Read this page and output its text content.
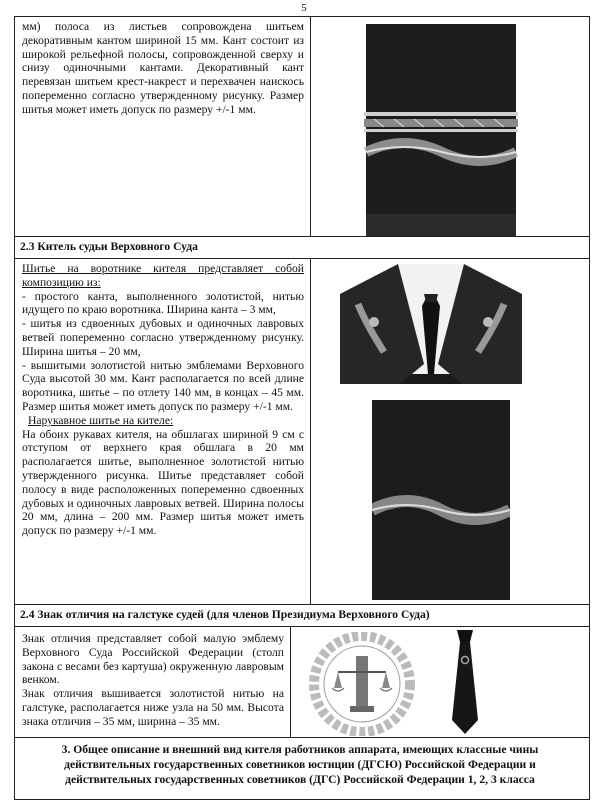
5
мм) полоса из листьев сопровождена шитьем декоративным кантом шириной 15 мм. Кант состоит из широкой рельефной полосы, сопровожденной сверху и снизу одиночными кантами. Декоративный кант перевязан шитьем крест-накрест и перехвачен наискось попеременно согласно утвержденному рисунку. Размер шитья может иметь допуск по размеру +/-1 мм.
2.3 Китель судьи Верховного Суда

Шитье на воротнике кителя представляет собой композицию из:

- простого канта, выполненного золотистой, нитью идущего по краю воротника. Ширина канта – 3 мм,

- шитья из сдвоенных дубовых и одиночных лавровых ветвей попеременно согласно утвержденному рисунку. Ширина шитья – 20 мм,

- вышитыми золотистой нитью эмблемами Верховного Суда высотой 30 мм. Кант располагается по всей длине воротника, шитье – по отлету 140 мм, в концах – 45 мм. Размер шитья может иметь допуск по размеру +/-1 мм.

Нарукавное шитье на кителе:

На обоих рукавах кителя, на обшлагах шириной 9 см с отступом от верхнего края обшлага в 20 мм располагается шитье, выполненное золотистой нитью утвержденного рисунка. Шитье представляет собой полосу в виде расположенных попеременно сдвоенных дубовых и одиночных лавровых ветвей. Ширина полосы 20 мм, длина – 200 мм. Размер шитья может иметь допуск по размеру +/-1 мм.

2.4 Знак отличия на галстуке судей (для членов Президиума Верховного Суда)

Знак отличия представляет собой малую эмблему Верховного Суда Российской Федерации (столп закона с весами без картуша) окруженную лавровым венком.

Знак отличия вышивается золотистой нитью на галстуке, располагается ниже узла на 50 мм. Высота знака отличия – 35 мм, ширина – 35 мм.

3. Общее описание и внешний вид кителя работников аппарата, имеющих классные чины действительных государственных советников юстиции (ДГСЮ) Российской Федерации и действительных государственных советников (ДГС) Российской Федерации 1, 2, 3 класса
